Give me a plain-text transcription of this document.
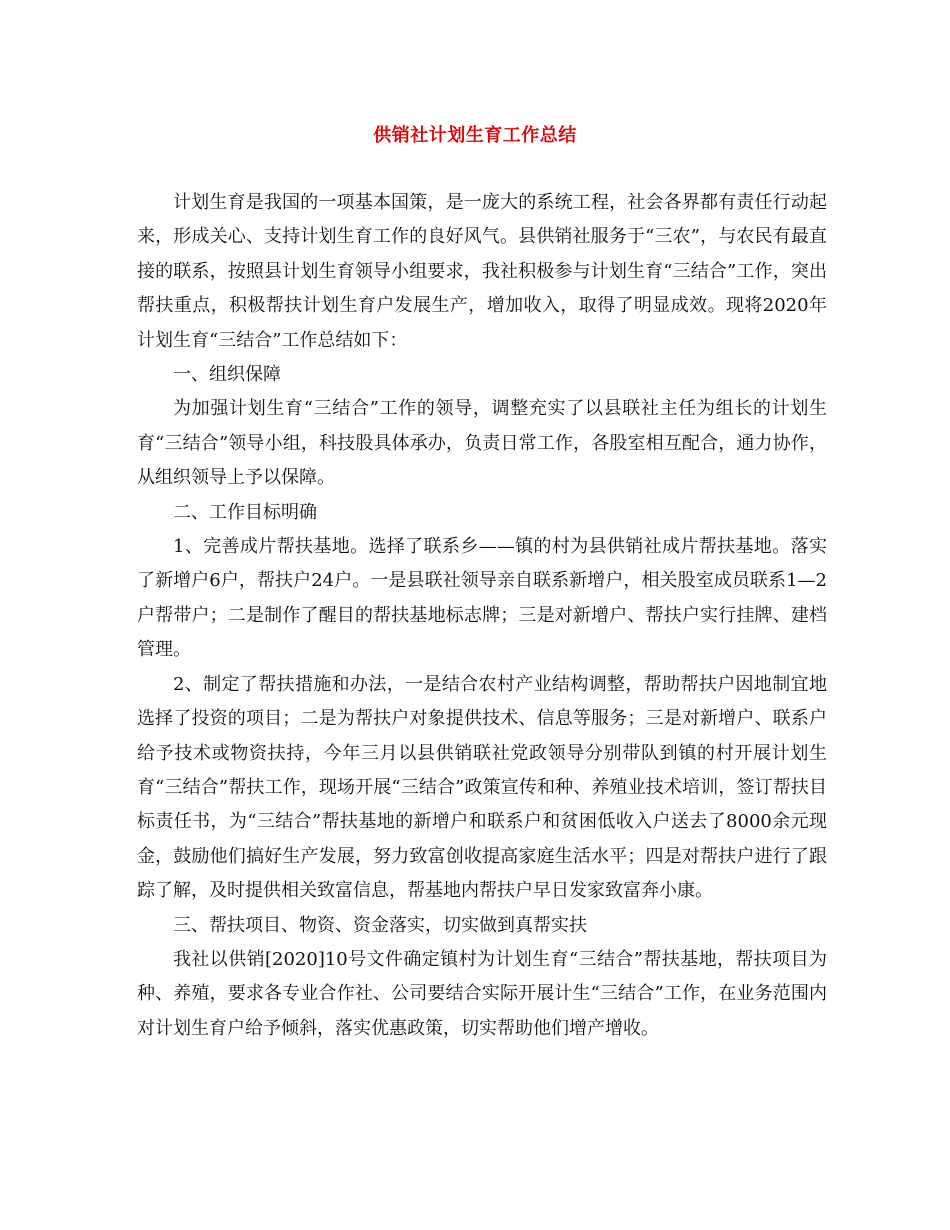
供销社计划生育工作总结

计划生育是我国的一项基本国策，是一庞大的系统工程，社会各界都有责任行动起来，形成关心、支持计划生育工作的良好风气。县供销社服务于“三农”，与农民有最直接的联系，按照县计划生育领导小组要求，我社积极参与计划生育“三结合”工作，突出帮扶重点，积极帮扶计划生育户发展生产，增加收入，取得了明显成效。现将2020年计划生育“三结合”工作总结如下：

一、组织保障

为加强计划生育“三结合”工作的领导，调整充实了以县联社主任为组长的计划生育“三结合”领导小组，科技股具体承办，负责日常工作，各股室相互配合，通力协作，从组织领导上予以保障。

二、工作目标明确

1、完善成片帮扶基地。选择了联系乡——镇的村为县供销社成片帮扶基地。落实了新增户6户，帮扶户24户。一是县联社领导亲自联系新增户，相关股室成员联系1—2户帮带户；二是制作了醒目的帮扶基地标志牌；三是对新增户、帮扶户实行挂牌、建档管理。

2、制定了帮扶措施和办法，一是结合农村产业结构调整，帮助帮扶户因地制宜地选择了投资的项目；二是为帮扶户对象提供技术、信息等服务；三是对新增户、联系户给予技术或物资扶持，今年三月以县供销联社党政领导分别带队到镇的村开展计划生育“三结合”帮扶工作，现场开展“三结合”政策宣传和种、养殖业技术培训，签订帮扶目标责任书，为“三结合”帮扶基地的新增户和联系户和贫困低收入户送去了8000余元现金，鼓励他们搞好生产发展，努力致富创收提高家庭生活水平；四是对帮扶户进行了跟踪了解，及时提供相关致富信息，帮基地内帮扶户早日发家致富奔小康。

三、帮扶项目、物资、资金落实，切实做到真帮实扶

我社以供销[2020]10号文件确定镇村为计划生育“三结合”帮扶基地，帮扶项目为种、养殖，要求各专业合作社、公司要结合实际开展计生“三结合”工作，在业务范围内对计划生育户给予倾斜，落实优惠政策，切实帮助他们增产增收。
